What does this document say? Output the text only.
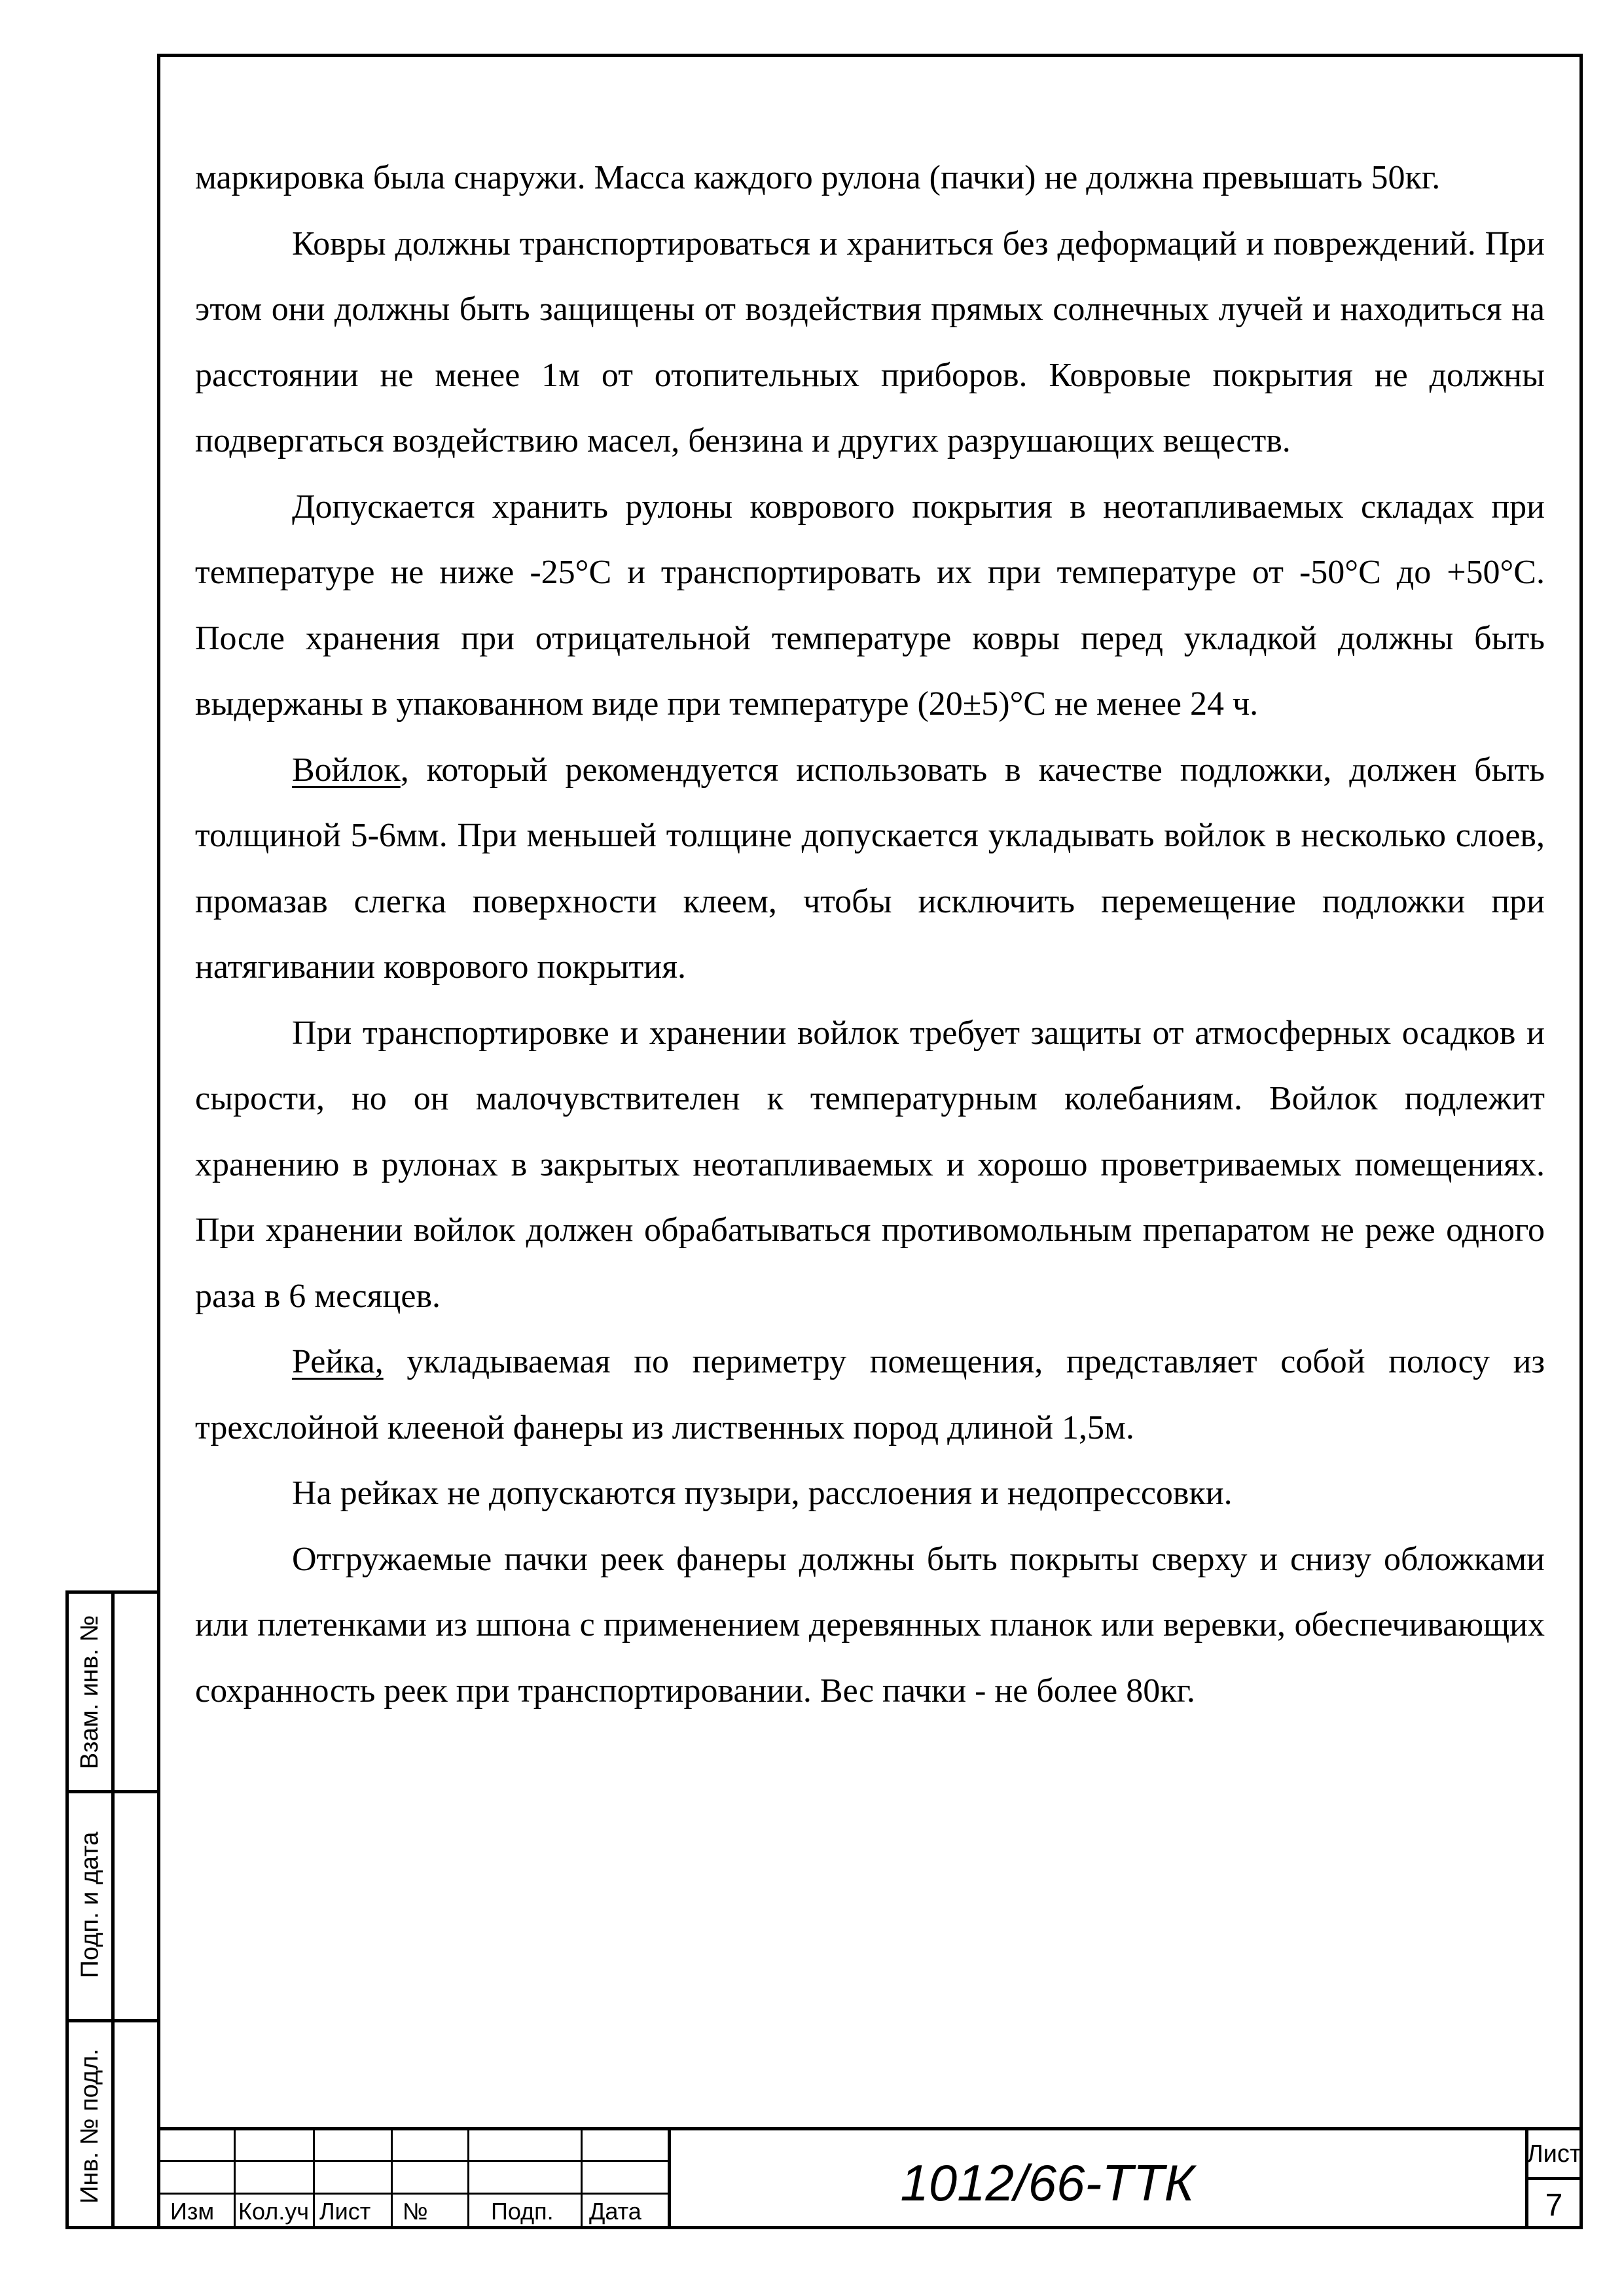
маркировка была снаружи. Масса каждого рулона (пачки) не должна превышать 50кг.

Ковры должны транспортироваться и храниться без деформаций и повреждений. При этом они должны быть защищены от воздействия прямых солнечных лучей и находиться на расстоянии не менее 1м от отопительных приборов. Ковровые покрытия не должны подвергаться воздействию масел, бензина и других разрушающих веществ.

Допускается хранить рулоны коврового покрытия в неотапливаемых складах при температуре не ниже -25°С и транспортировать их при температуре от -50°С до +50°С. После хранения при отрицательной температуре ковры перед укладкой должны быть выдержаны в упакованном виде при температуре (20±5)°С не менее 24 ч.

Войлок, который рекомендуется использовать в качестве подложки, должен быть толщиной 5-6мм. При меньшей толщине допускается укладывать войлок в несколько слоев, промазав слегка поверхности клеем, чтобы исключить перемещение подложки при натягивании коврового покрытия.

При транспортировке и хранении войлок требует защиты от атмосферных осадков и сырости, но он малочувствителен к температурным колебаниям. Войлок подлежит хранению в рулонах в закрытых неотапливаемых и хорошо проветриваемых помещениях. При хранении войлок должен обрабатываться противомольным препаратом не реже одного раза в 6 месяцев.

Рейка, укладываемая по периметру помещения, представляет собой полосу из трехслойной клееной фанеры из лиственных пород длиной 1,5м.

На рейках не допускаются пузыри, расслоения и недопрессовки.

Отгружаемые пачки реек фанеры должны быть покрыты сверху и снизу обложками или плетенками из шпона с применением деревянных планок или веревки, обеспечивающих сохранность реек при транспортировании. Вес пачки - не более 80кг.

Взам. инв. №
Подп. и дата
Инв. № подл.
Изм Кол.уч Лист №	Подп. Дата	1012/66-ТТК	Лист
7
